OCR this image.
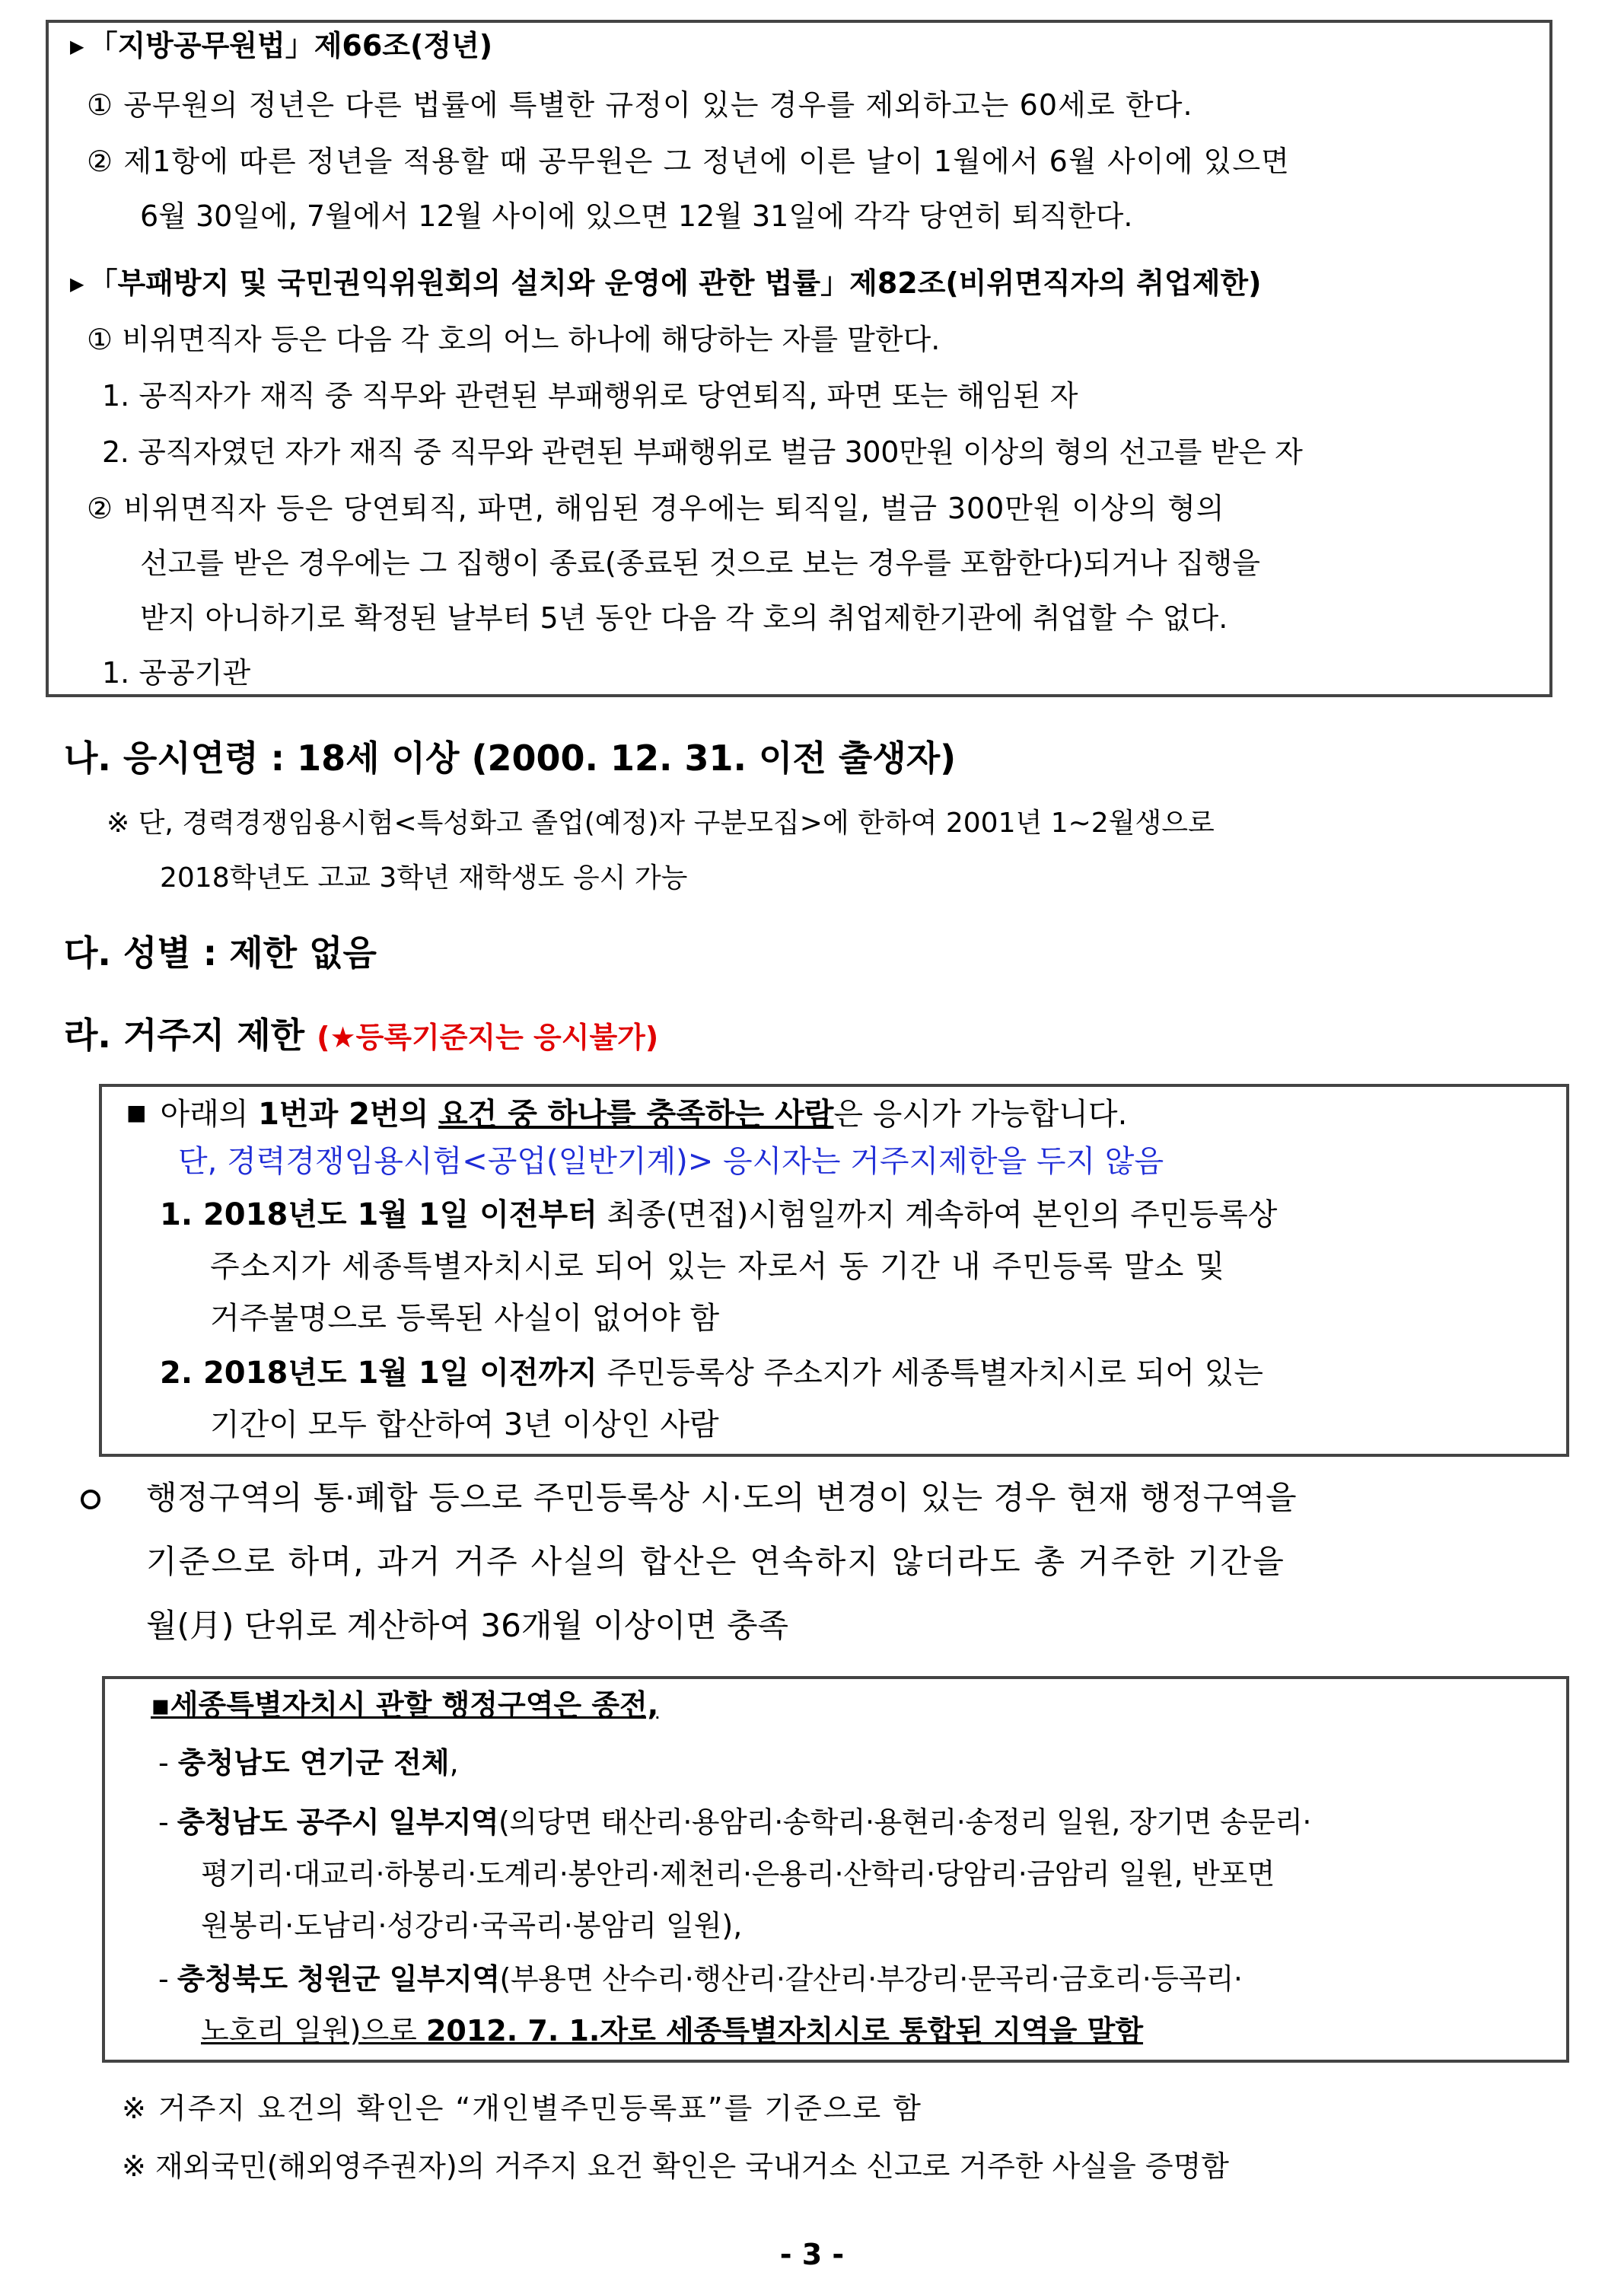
▶ 「지방공무원법」제66조(정년)
① 공무원의 정년은 다른 법률에 특별한 규정이 있는 경우를 제외하고는 60세로 한다.
② 제1항에 따른 정년을 적용할 때 공무원은 그 정년에 이른 날이 1월에서 6월 사이에 있으면
6월 30일에, 7월에서 12월 사이에 있으면 12월 31일에 각각 당연히 퇴직한다.
▶ 「부패방지 및 국민권익위원회의 설치와 운영에 관한 법률」제82조(비위면직자의 취업제한)
① 비위면직자 등은 다음 각 호의 어느 하나에 해당하는 자를 말한다.
1. 공직자가 재직 중 직무와 관련된 부패행위로 당연퇴직, 파면 또는 해임된 자
2. 공직자였던 자가 재직 중 직무와 관련된 부패행위로 벌금 300만원 이상의 형의 선고를 받은 자
② 비위면직자 등은 당연퇴직, 파면, 해임된 경우에는 퇴직일, 벌금 300만원 이상의 형의
선고를 받은 경우에는 그 집행이 종료(종료된 것으로 보는 경우를 포함한다)되거나 집행을
받지 아니하기로 확정된 날부터 5년 동안 다음 각 호의 취업제한기관에 취업할 수 없다.
1. 공공기관
나. 응시연령 : 18세 이상 (2000. 12. 31. 이전 출생자)
※ 단, 경력경쟁임용시험<특성화고 졸업(예정)자 구분모집>에 한하여 2001년 1∼2월생으로
2018학년도 고교 3학년 재학생도 응시 가능
다. 성별 : 제한 없음
라. 거주지 제한 (★등록기준지는 응시불가)
■ 아래의 1번과 2번의 요건 중 하나를 충족하는 사람은 응시가 가능합니다.
단, 경력경쟁임용시험<공업(일반기계)> 응시자는 거주지제한을 두지 않음
1. 2018년도 1월 1일 이전부터 최종(면접)시험일까지 계속하여 본인의 주민등록상
주소지가 세종특별자치시로 되어 있는 자로서 동 기간 내 주민등록 말소 및
거주불명으로 등록된 사실이 없어야 함
2. 2018년도 1월 1일 이전까지 주민등록상 주소지가 세종특별자치시로 되어 있는
기간이 모두 합산하여 3년 이상인 사람
행정구역의 통·폐합 등으로 주민등록상 시·도의 변경이 있는 경우 현재 행정구역을
기준으로 하며, 과거 거주 사실의 합산은 연속하지 않더라도 총 거주한 기간을
월(月) 단위로 계산하여 36개월 이상이면 충족
▪세종특별자치시 관할 행정구역은 종전,
- 충청남도 연기군 전체,
- 충청남도 공주시 일부지역(의당면 태산리·용암리·송학리·용현리·송정리 일원, 장기면 송문리·
평기리·대교리·하봉리·도계리·봉안리·제천리·은용리·산학리·당암리·금암리 일원, 반포면
원봉리·도남리·성강리·국곡리·봉암리 일원),
- 충청북도 청원군 일부지역(부용면 산수리·행산리·갈산리·부강리·문곡리·금호리·등곡리·
노호리 일원)으로 2012. 7. 1.자로 세종특별자치시로 통합된 지역을 말함
※ 거주지 요건의 확인은 “개인별주민등록표”를 기준으로 함
※ 재외국민(해외영주권자)의 거주지 요건 확인은 국내거소 신고로 거주한 사실을 증명함
- 3 -
